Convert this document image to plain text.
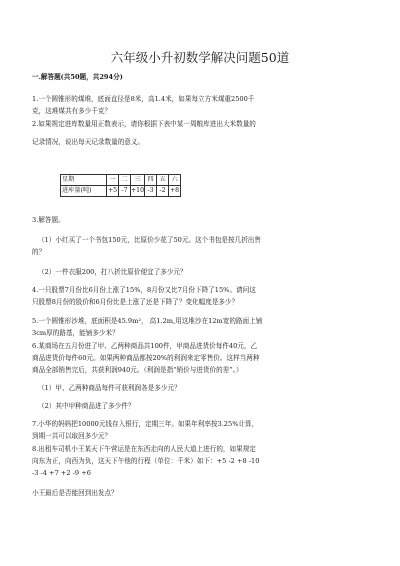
六年级小升初数学解决问题50道
一.解答题(共50题，共294分)
1.一个圆锥形的煤堆，底面直径是8米，高1.4米，如果每立方米煤重2500千
克，这堆煤共有多少千克？
2.如果规定进库数量用正数表示，请你根据下表中某一周粮库进出大米数量的
记录情况，说出每天记录数量的意义。
星期	一	二	三	四	五	六
进库量(吨)	+5	-7	+10	-3	-2	+8
3.解答题。
（1）小红买了一个书包150元，比原价少花了50元。这个书包是按几折出售
的？
（2）一件衣服200，打八折比原价便宜了多少元？
4.一只股票7月份比6月份上涨了15%，8月份又比7月份下降了15%。请问这
只股票8月份的股价和6月份比是上涨了还是下降了？变化幅度是多少？
5.一个圆锥形沙堆，底面积是45.9m²， 高1.2m,用这堆沙在12m宽的路面上铺
3cm厚的路基，能铺多少米？
6.某商场在五月份进了甲、乙两种商品共100件，甲商品进货价每件40元，乙
商品进货价每件60元。如果两种商品都按20%的利润来定零售价。这样当两种
商品全部销售完后，共获利润940元。（利润是指“销价与进货价的差”。）
（1）甲、乙两种商品每件可获利润各是多少元？
（2）其中甲种商品进了多少件？
7.小华的妈妈把10000元钱存入银行，定期三年。如果年利率按3.25%计算，
到期一共可以取回多少元？
8.出租车司机小王某天下午营运是在东西走向的人民大道上进行的，如果规定
向东为正，向西为负，这天下午他的行程（单位：千米）如下：+5 -2 +8 -10
-3 -4 +7 +2 -9 +6
小王最后是否能回到出发点？
